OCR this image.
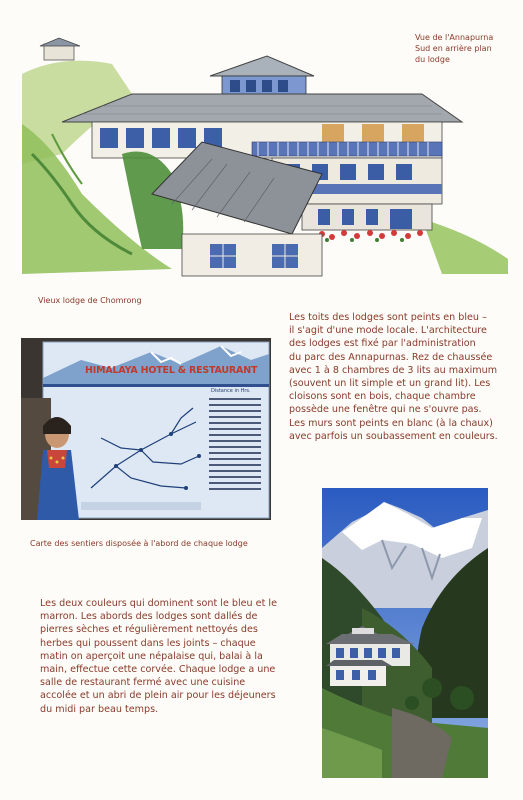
Vue de l'Annapurna
Sud en arrière plan
du lodge
Vieux lodge de Chomrong
Les toits des lodges sont peints en bleu –
il s'agit d'une mode locale. L'architecture
des lodges est fixé par l'administration
du parc des Annapurnas. Rez de chaussée
avec 1 à 8 chambres de 3 lits au maximum
(souvent un lit simple et un grand lit). Les
cloisons sont en bois, chaque chambre
possède une fenêtre qui ne s'ouvre pas.
Les murs sont peints en blanc (à la chaux)
avec parfois un soubassement en couleurs.
HIMALAYA HOTEL & RESTAURANT
Distance in Hrs.
Carte des sentiers disposée à l'abord de chaque lodge
Les deux couleurs qui dominent sont le bleu et le
marron. Les abords des lodges sont dallés de
pierres sèches et régulièrement nettoyés des
herbes qui poussent dans les joints – chaque
matin on aperçoit une népalaise qui, balai à la
main, effectue cette corvée. Chaque lodge a une
salle de restaurant fermé avec une cuisine
accolée et un abri de plein air pour les déjeuners
du midi par beau temps.
